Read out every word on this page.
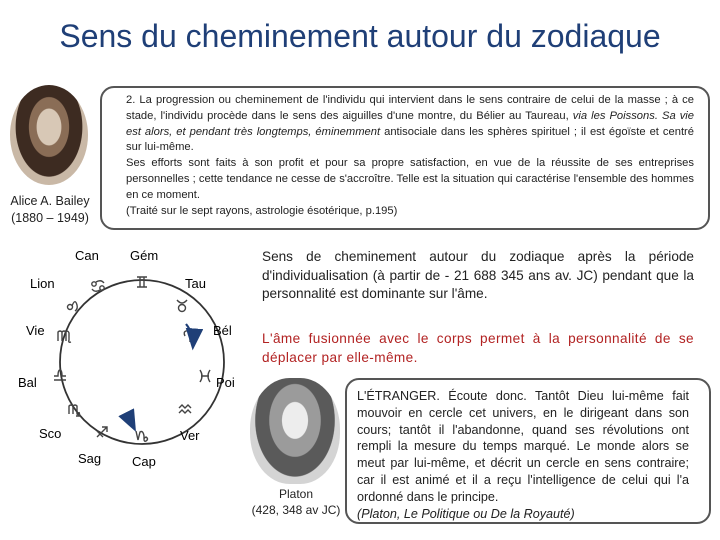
Sens du cheminement autour du zodiaque
Alice A. Bailey
(1880 – 1949)

2. La progression ou cheminement de l'individu qui intervient dans le sens contraire de celui de la masse ; à ce stade, l'individu procède dans le sens des aiguilles d'une montre, du Bélier au Taureau, via les Poissons. Sa vie est alors, et pendant très longtemps, éminemment antisociale dans les sphères spirituel ; il est égoïste et centré sur lui-même.

Ses efforts sont faits à son profit et pour sa propre satisfaction, en vue de la réussite de ses entreprises personnelles ; cette tendance ne cesse de s'accroître. Telle est la situation qui caractérise l'ensemble des hommes en ce moment.

(Traité sur le sept rayons, astrologie ésotérique, p.195)

Can Gém
Lion	Tau
Vie	Bél
Bal	Poi
Sco	Ver
Sag Cap
Sens de cheminement autour du zodiaque après la période d'individualisation (à partir de - 21 688 345 ans av. JC) pendant que la personnalité est dominante sur l'âme.
L'âme fusionnée avec le corps permet à la personnalité de se déplacer par elle-même.
Platon
(428, 348 av JC)

L'ÉTRANGER. Écoute donc. Tantôt Dieu lui-même fait mouvoir en cercle cet univers, en le dirigeant dans son cours; tantôt il l'abandonne, quand ses révolutions ont rempli la mesure du temps marqué. Le monde alors se meut par lui-même, et décrit un cercle en sens contraire; car il est animé et il a reçu l'intelligence de celui qui l'a ordonné dans le principe.

(Platon, Le Politique ou De la Royauté)
